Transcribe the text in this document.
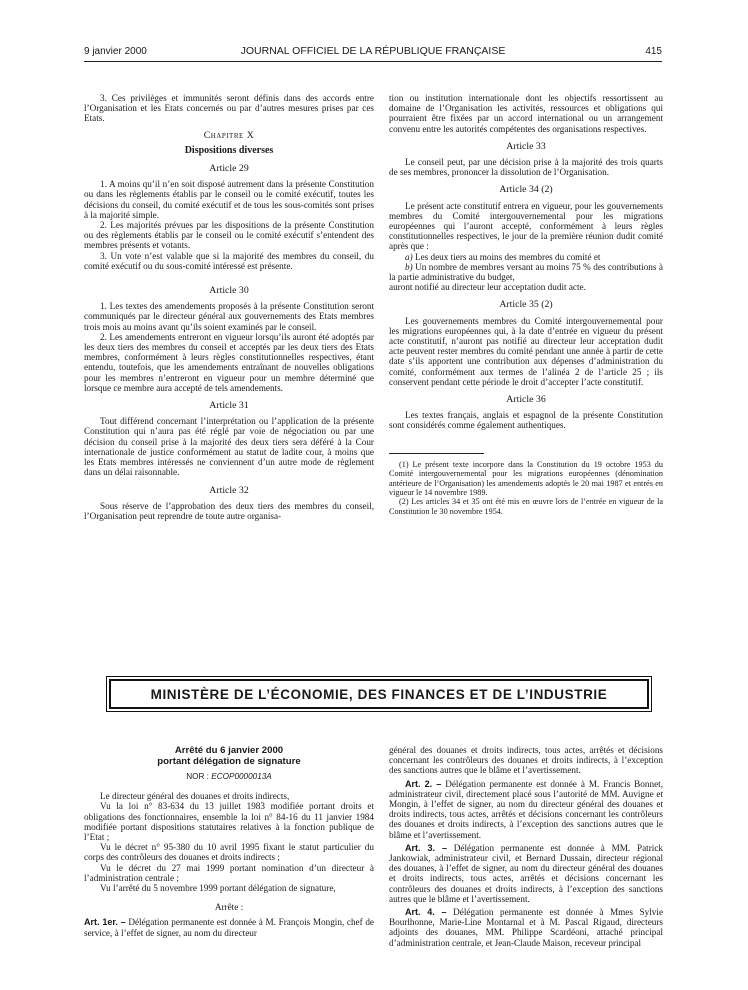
9 janvier 2000	JOURNAL OFFICIEL DE LA RÉPUBLIQUE FRANÇAISE	415

3. Ces privilèges et immunités seront définis dans des accords entre l’Organisation et les Etats concernés ou par d’autres mesures prises par ces Etats.

Chapitre X

Dispositions diverses

Article 29

1. A moins qu’il n’en soit disposé autrement dans la présente Constitution ou dans les règlements établis par le conseil ou le comité exécutif, toutes les décisions du conseil, du comité exécutif et de tous les sous-comités sont prises à la majorité simple.

2. Les majorités prévues par les dispositions de la présente Constitution ou des règlements établis par le conseil ou le comité exécutif s’entendent des membres présents et votants.

3. Un vote n’est valable que si la majorité des membres du conseil, du comité exécutif ou du sous-comité intéressé est présente.

Article 30

1. Les textes des amendements proposés à la présente Constitution seront communiqués par le directeur général aux gouvernements des Etats membres trois mois au moins avant qu’ils soient examinés par le conseil.

2. Les amendements entreront en vigueur lorsqu’ils auront été adoptés par les deux tiers des membres du conseil et acceptés par les deux tiers des Etats membres, conformément à leurs règles constitutionnelles respectives, étant entendu, toutefois, que les amendements entraînant de nouvelles obligations pour les membres n’entreront en vigueur pour un membre déterminé que lorsque ce membre aura accepté de tels amendements.

Article 31

Tout différend concernant l’interprétation ou l’application de la présente Constitution qui n’aura pas été réglé par voie de négociation ou par une décision du conseil prise à la majorité des deux tiers sera déféré à la Cour internationale de justice conformément au statut de ladite cour, à moins que les Etats membres intéressés ne conviennent d’un autre mode de règlement dans un délai raisonnable.

Article 32

Sous réserve de l’approbation des deux tiers des membres du conseil, l’Organisation peut reprendre de toute autre organisa-

tion ou institution internationale dont les objectifs ressortissent au domaine de l’Organisation les activités, ressources et obligations qui pourraient être fixées par un accord international ou un arrangement convenu entre les autorités compétentes des organisations respectives.

Article 33

Le conseil peut, par une décision prise à la majorité des trois quarts de ses membres, prononcer la dissolution de l’Organisation.

Article 34 (2)

Le présent acte constitutif entrera en vigueur, pour les gouvernements membres du Comité intergouvernemental pour les migrations européennes qui l’auront accepté, conformément à leurs règles constitutionnelles respectives, le jour de la première réunion dudit comité après que :

a) Les deux tiers au moins des membres du comité et

b) Un nombre de membres versant au moins 75 % des contributions à la partie administrative du budget,

auront notifié au directeur leur acceptation dudit acte.

Article 35 (2)

Les gouvernements membres du Comité intergouvernemental pour les migrations européennes qui, à la date d’entrée en vigueur du présent acte constitutif, n’auront pas notifié au directeur leur acceptation dudit acte peuvent rester membres du comité pendant une année à partir de cette date s’ils apportent une contribution aux dépenses d’administration du comité, conformément aux termes de l’alinéa 2 de l’article 25 ; ils conservent pendant cette période le droit d’accepter l’acte constitutif.

Article 36

Les textes français, anglais et espagnol de la présente Constitution sont considérés comme également authentiques.

(1) Le présent texte incorpore dans la Constitution du 19 octobre 1953 du Comité intergouvernemental pour les migrations européennes (dénomination antérieure de l’Organisation) les amendements adoptés le 20 mai 1987 et entrés en vigueur le 14 novembre 1989.

(2) Les articles 34 et 35 ont été mis en œuvre lors de l’entrée en vigueur de la Constitution le 30 novembre 1954.

MINISTÈRE DE L’ÉCONOMIE, DES FINANCES ET DE L’INDUSTRIE
Arrêté du 6 janvier 2000
portant délégation de signature
NOR : ECOP0000013A

Le directeur général des douanes et droits indirects,

Vu la loi n° 83-634 du 13 juillet 1983 modifiée portant droits et obligations des fonctionnaires, ensemble la loi n° 84-16 du 11 janvier 1984 modifiée portant dispositions statutaires relatives à la fonction publique de l’Etat ;

Vu le décret n° 95-380 du 10 avril 1995 fixant le statut particulier du corps des contrôleurs des douanes et droits indirects ;

Vu le décret du 27 mai 1999 portant nomination d’un directeur à l’administration centrale ;

Vu l’arrêté du 5 novembre 1999 portant délégation de signature,

Arrête :

Art. 1er. – Délégation permanente est donnée à M. François Mongin, chef de service, à l’effet de signer, au nom du directeur

général des douanes et droits indirects, tous actes, arrêtés et décisions concernant les contrôleurs des douanes et droits indirects, à l’exception des sanctions autres que le blâme et l’avertissement.

Art. 2. – Délégation permanente est donnée à M. Francis Bonnet, administrateur civil, directement placé sous l’autorité de MM. Auvigne et Mongin, à l’effet de signer, au nom du directeur général des douanes et droits indirects, tous actes, arrêtés et décisions concernant les contrôleurs des douanes et droits indirects, à l’exception des sanctions autres que le blâme et l’avertissement.

Art. 3. – Délégation permanente est donnée à MM. Patrick Jankowiak, administrateur civil, et Bernard Dussain, directeur régional des douanes, à l’effet de signer, au nom du directeur général des douanes et droits indirects, tous actes, arrêtés et décisions concernant les contrôleurs des douanes et droits indirects, à l’exception des sanctions autres que le blâme et l’avertissement.

Art. 4. – Délégation permanente est donnée à Mmes Sylvie Bourlhonne, Marie-Line Montarnal et à M. Pascal Rigaud, directeurs adjoints des douanes, MM. Philippe Scardéoni, attaché principal d’administration centrale, et Jean-Claude Maison, receveur principal
